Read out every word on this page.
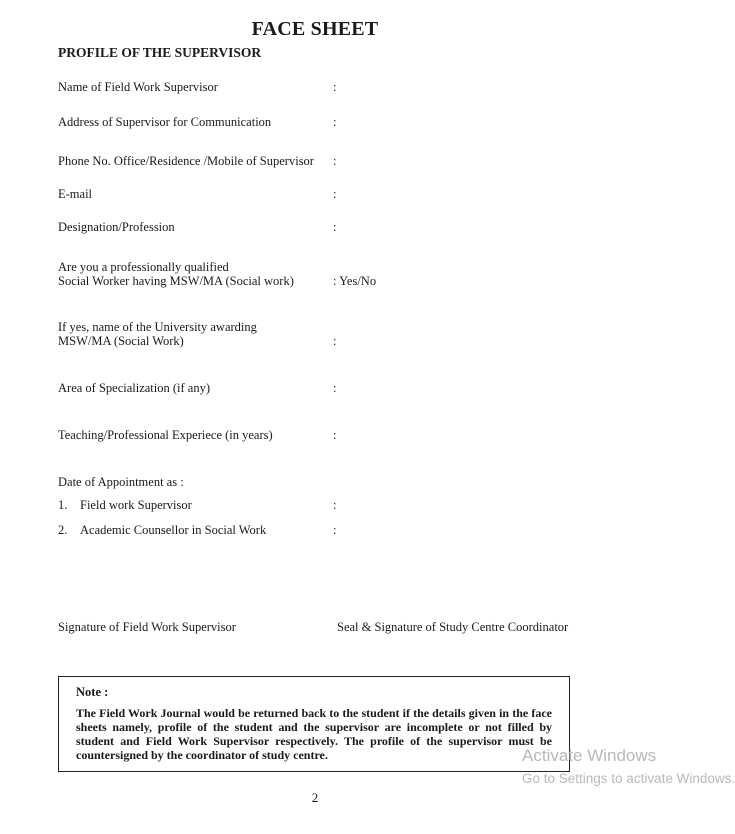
FACE SHEET
PROFILE OF THE SUPERVISOR
Name of Field Work Supervisor	:
Address of Supervisor for Communication	:
Phone No. Office/Residence /Mobile of Supervisor :
E-mail	:
Designation/Profession	:
Are you a professionally qualified
Social Worker having MSW/MA (Social work)	: Yes/No
If yes, name of the University awarding
MSW/MA (Social Work)	:
Area of Specialization (if any)	:
Teaching/Professional Experiece (in years)	:
Date of Appointment as :
1. Field work Supervisor	:
2. Academic Counsellor in Social Work	:
Signature of Field Work Supervisor	Seal & Signature of Study Centre Coordinator
Note :
The Field Work Journal would be returned back to the student if the details given in the face sheets namely, profile of the student and the supervisor are incomplete or not filled by student and Field Work Supervisor respectively. The profile of the supervisor must be countersigned by the coordinator of study centre.
2
Activate Windows
Go to Settings to activate Windows.
